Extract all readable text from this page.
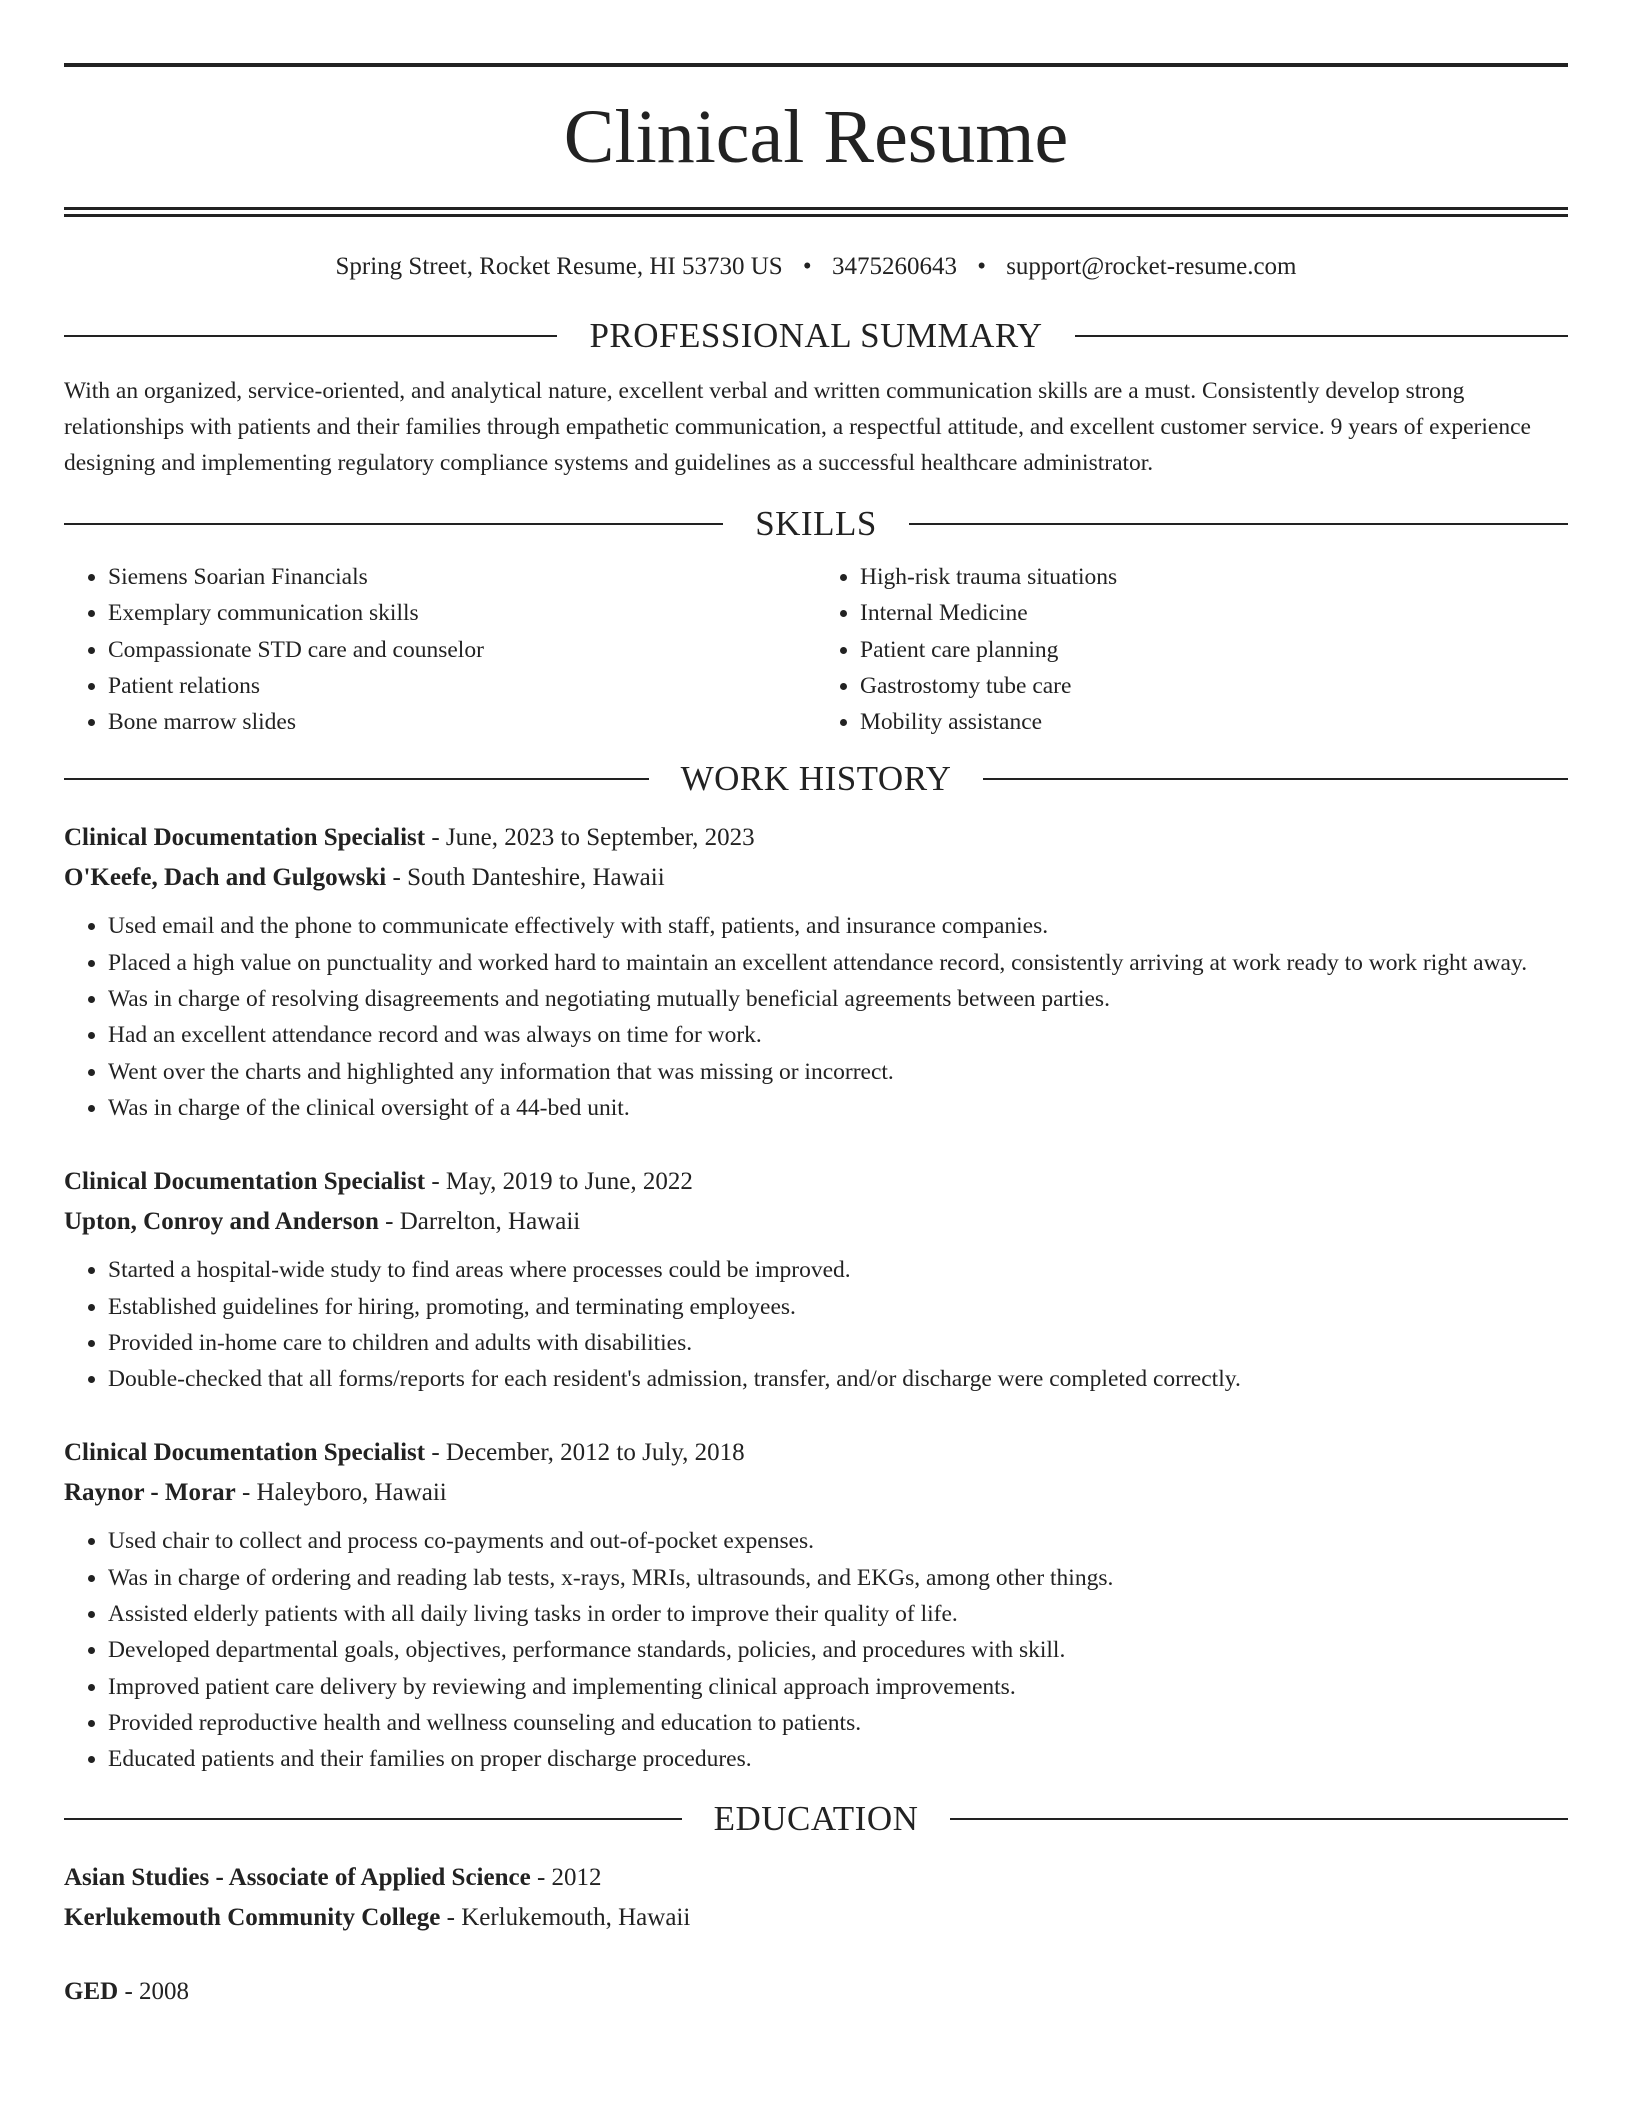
Clinical Resume
Spring Street, Rocket Resume, HI 53730 US • 3475260643 • support@rocket-resume.com
PROFESSIONAL SUMMARY

With an organized, service-oriented, and analytical nature, excellent verbal and written communication skills are a must. Consistently develop strong relationships with patients and their families through empathetic communication, a respectful attitude, and excellent customer service. 9 years of experience designing and implementing regulatory compliance systems and guidelines as a successful healthcare administrator.

SKILLS
• Siemens Soarian Financials
• Exemplary communication skills
• Compassionate STD care and counselor
• Patient relations
• Bone marrow slides
• High-risk trauma situations
• Internal Medicine
• Patient care planning
• Gastrostomy tube care
• Mobility assistance
WORK HISTORY
Clinical Documentation Specialist - June, 2023 to September, 2023
O'Keefe, Dach and Gulgowski - South Danteshire, Hawaii
• Used email and the phone to communicate effectively with staff, patients, and insurance companies.
• Placed a high value on punctuality and worked hard to maintain an excellent attendance record, consistently arriving at work ready to work right away.
• Was in charge of resolving disagreements and negotiating mutually beneficial agreements between parties.
• Had an excellent attendance record and was always on time for work.
• Went over the charts and highlighted any information that was missing or incorrect.
• Was in charge of the clinical oversight of a 44-bed unit.
Clinical Documentation Specialist - May, 2019 to June, 2022
Upton, Conroy and Anderson - Darrelton, Hawaii
• Started a hospital-wide study to find areas where processes could be improved.
• Established guidelines for hiring, promoting, and terminating employees.
• Provided in-home care to children and adults with disabilities.
• Double-checked that all forms/reports for each resident's admission, transfer, and/or discharge were completed correctly.
Clinical Documentation Specialist - December, 2012 to July, 2018
Raynor - Morar - Haleyboro, Hawaii
• Used chair to collect and process co-payments and out-of-pocket expenses.
• Was in charge of ordering and reading lab tests, x-rays, MRIs, ultrasounds, and EKGs, among other things.
• Assisted elderly patients with all daily living tasks in order to improve their quality of life.
• Developed departmental goals, objectives, performance standards, policies, and procedures with skill.
• Improved patient care delivery by reviewing and implementing clinical approach improvements.
• Provided reproductive health and wellness counseling and education to patients.
• Educated patients and their families on proper discharge procedures.
EDUCATION
Asian Studies - Associate of Applied Science - 2012
Kerlukemouth Community College - Kerlukemouth, Hawaii
GED - 2008
